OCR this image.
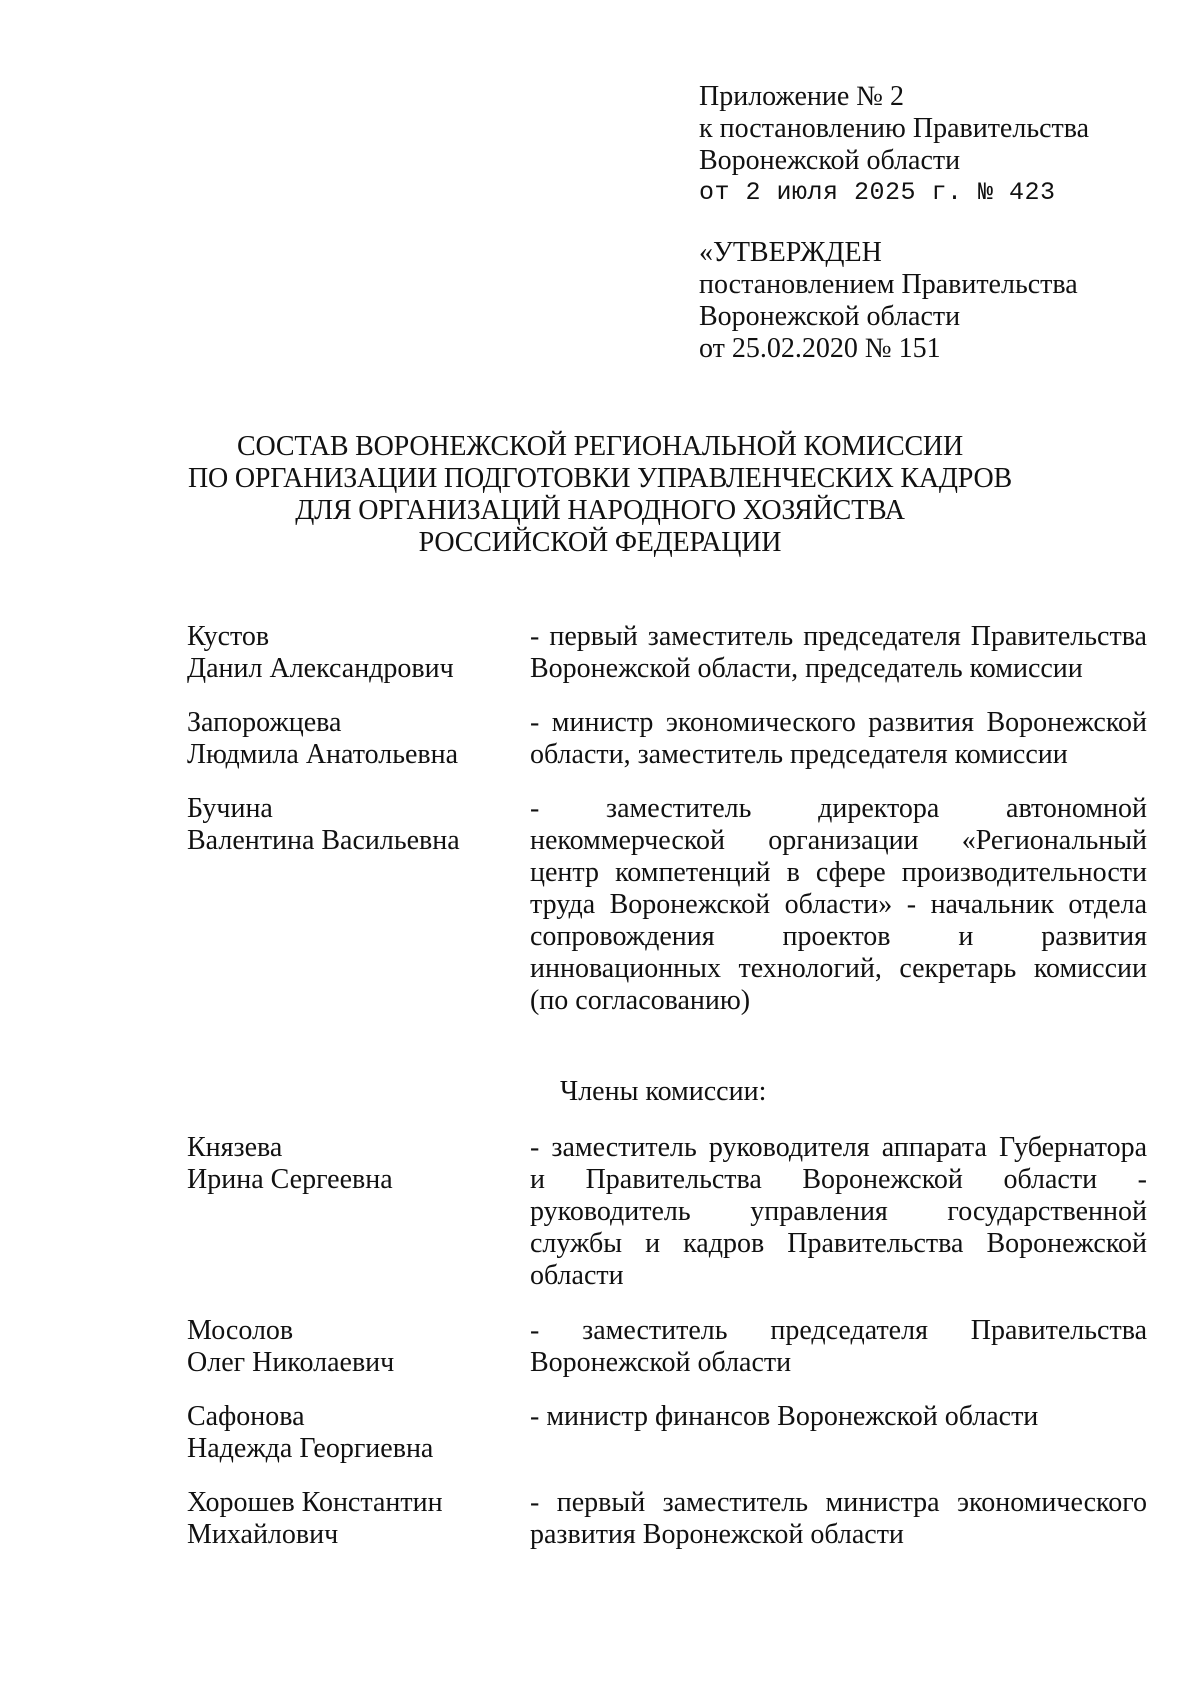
Приложение № 2
к постановлению Правительства
Воронежской области
от 2 июля 2025 г. № 423
«УТВЕРЖДЕН
постановлением Правительства
Воронежской области
от 25.02.2020 № 151
СОСТАВ ВОРОНЕЖСКОЙ РЕГИОНАЛЬНОЙ КОМИССИИ
ПО ОРГАНИЗАЦИИ ПОДГОТОВКИ УПРАВЛЕНЧЕСКИХ КАДРОВ
ДЛЯ ОРГАНИЗАЦИЙ НАРОДНОГО ХОЗЯЙСТВА
РОССИЙСКОЙ ФЕДЕРАЦИИ
Кустов
Данил Александрович
- первый заместитель председателя Правительства
Воронежской области, председатель комиссии
Запорожцева
Людмила Анатольевна
- министр экономического развития Воронежской
области, заместитель председателя комиссии
Бучина
Валентина Васильевна
- заместитель директора автономной
некоммерческой организации «Региональный
центр компетенций в сфере производительности
труда Воронежской области» - начальник отдела
сопровождения проектов и развития
инновационных технологий, секретарь комиссии
(по согласованию)
Члены комиссии:
Князева
Ирина Сергеевна
- заместитель руководителя аппарата Губернатора
и Правительства Воронежской области -
руководитель управления государственной
службы и кадров Правительства Воронежской
области
Мосолов
Олег Николаевич
- заместитель председателя Правительства
Воронежской области
Сафонова
Надежда Георгиевна
- министр финансов Воронежской области
Хорошев Константин
Михайлович
- первый заместитель министра экономического
развития Воронежской области
